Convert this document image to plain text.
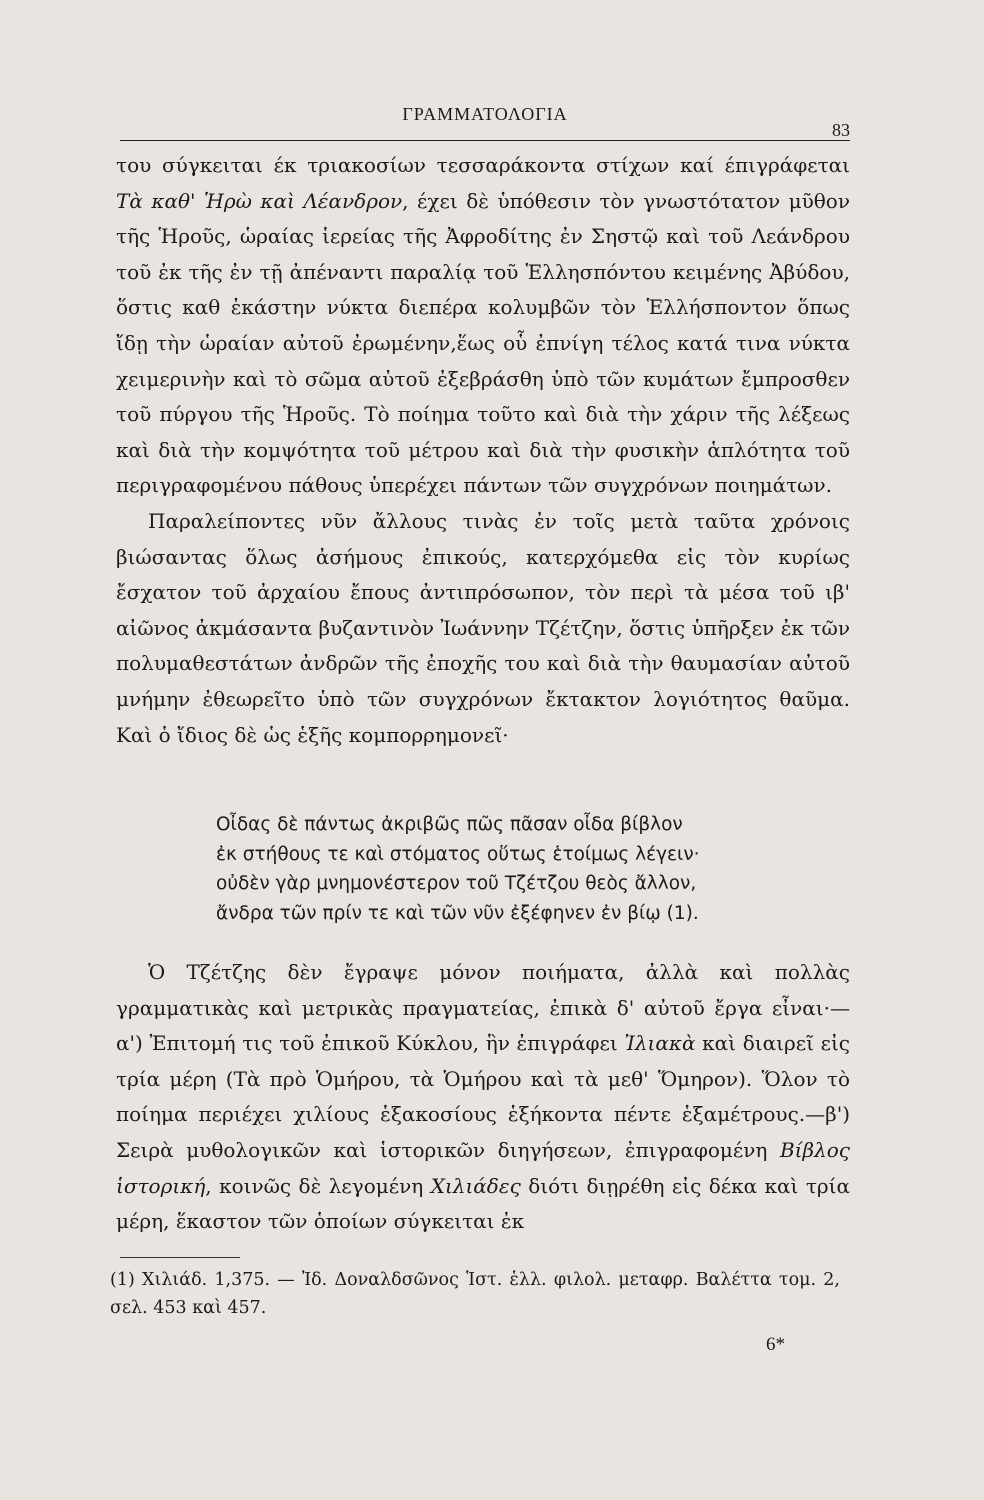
ΓΡΑΜΜΑΤΟΛΟΓΙΑ
83

του σύγκειται έκ τριακοσίων τεσσαράκοντα στίχων καί έπιγράφεται Τὰ καθ' Ἡρὼ καὶ Λέανδρον, έχει δὲ ὑπόθεσιν τὸν γνωστότατον μῦθον τῆς Ἡροῦς, ὡραίας ἱερείας τῆς Ἀφροδίτης ἐν Σηστῷ καὶ τοῦ Λεάνδρου τοῦ ἐκ τῆς ἐν τῇ ἀπέναντι παραλίᾳ τοῦ Ἑλλησπόντου κειμένης Ἀβύδου, ὅστις καθ ἑκάστην νύκτα διεπέρα κολυμβῶν τὸν Ἑλλήσποντον ὅπως ἴδῃ τὴν ὡραίαν αὐτοῦ ἐρωμένην,ἕως οὗ ἐπνίγη τέλος κατά τινα νύκτα χειμερινὴν καὶ τὸ σῶμα αὐτοῦ ἐξεβράσθη ὑπὸ τῶν κυμάτων ἔμπροσθεν τοῦ πύργου τῆς Ἡροῦς. Τὸ ποίημα τοῦτο καὶ διὰ τὴν χάριν τῆς λέξεως καὶ διὰ τὴν κομψότητα τοῦ μέτρου καὶ διὰ τὴν φυσικὴν ἁπλότητα τοῦ περιγραφομένου πάθους ὑπερέχει πάντων τῶν συγχρόνων ποιημάτων.

Παραλείποντες νῦν ἄλλους τινὰς ἐν τοῖς μετὰ ταῦτα χρόνοις βιώσαντας ὅλως ἀσήμους ἐπικούς, κατερχόμεθα εἰς τὸν κυρίως ἔσχατον τοῦ ἀρχαίου ἔπους ἀντιπρόσωπον, τὸν περὶ τὰ μέσα τοῦ ιβ' αἰῶνος ἀκμάσαντα βυζαντινὸν Ἰωάννην Τζέτζην, ὅστις ὑπῆρξεν ἐκ τῶν πολυμαθεστάτων ἀνδρῶν τῆς ἐποχῆς του καὶ διὰ τὴν θαυμασίαν αὐτοῦ μνήμην ἐθεωρεῖτο ὑπὸ τῶν συγχρόνων ἔκτακτον λογιότητος θαῦμα. Καὶ ὁ ἴδιος δὲ ὡς ἑξῆς κομπορρημονεῖ·

Οἶδας δὲ πάντως ἀκριβῶς πῶς πᾶσαν οἶδα βίβλον
ἐκ στήθους τε καὶ στόματος οὕτως ἑτοίμως λέγειν·
οὐδὲν γὰρ μνημονέστερον τοῦ Τζέτζου θεὸς ἄλλον,
ἄνδρα τῶν πρίν τε καὶ τῶν νῦν ἐξέφηνεν ἐν βίῳ (1).

Ὁ Τζέτζης δὲν ἔγραψε μόνον ποιήματα, ἀλλὰ καὶ πολλὰς γραμματικὰς καὶ μετρικὰς πραγματείας, ἐπικὰ δ' αὐτοῦ ἔργα εἶναι·—α') Ἐπιτομή τις τοῦ ἐπικοῦ Κύκλου, ἣν ἐπιγράφει Ἰλιακὰ καὶ διαιρεῖ εἰς τρία μέρη (Τὰ πρὸ Ὁμήρου, τὰ Ὁμήρου καὶ τὰ μεθ' Ὅμηρον). Ὅλον τὸ ποίημα περιέχει χιλίους ἑξακοσίους ἑξήκοντα πέντε ἑξαμέτρους.—β') Σειρὰ μυθολογικῶν καὶ ἱστορικῶν διηγήσεων, ἐπιγραφομένη Βίβλος ἱστορική, κοινῶς δὲ λεγομένη Χιλιάδες διότι διῃρέθη εἰς δέκα καὶ τρία μέρη, ἕκαστον τῶν ὁποίων σύγκειται ἐκ

(1) Χιλιάδ. 1,375. — Ἰδ. Δοναλδσῶνος Ἱστ. ἑλλ. φιλολ. μεταφρ. Βαλέττα τομ. 2, σελ. 453 καὶ 457.
6*
